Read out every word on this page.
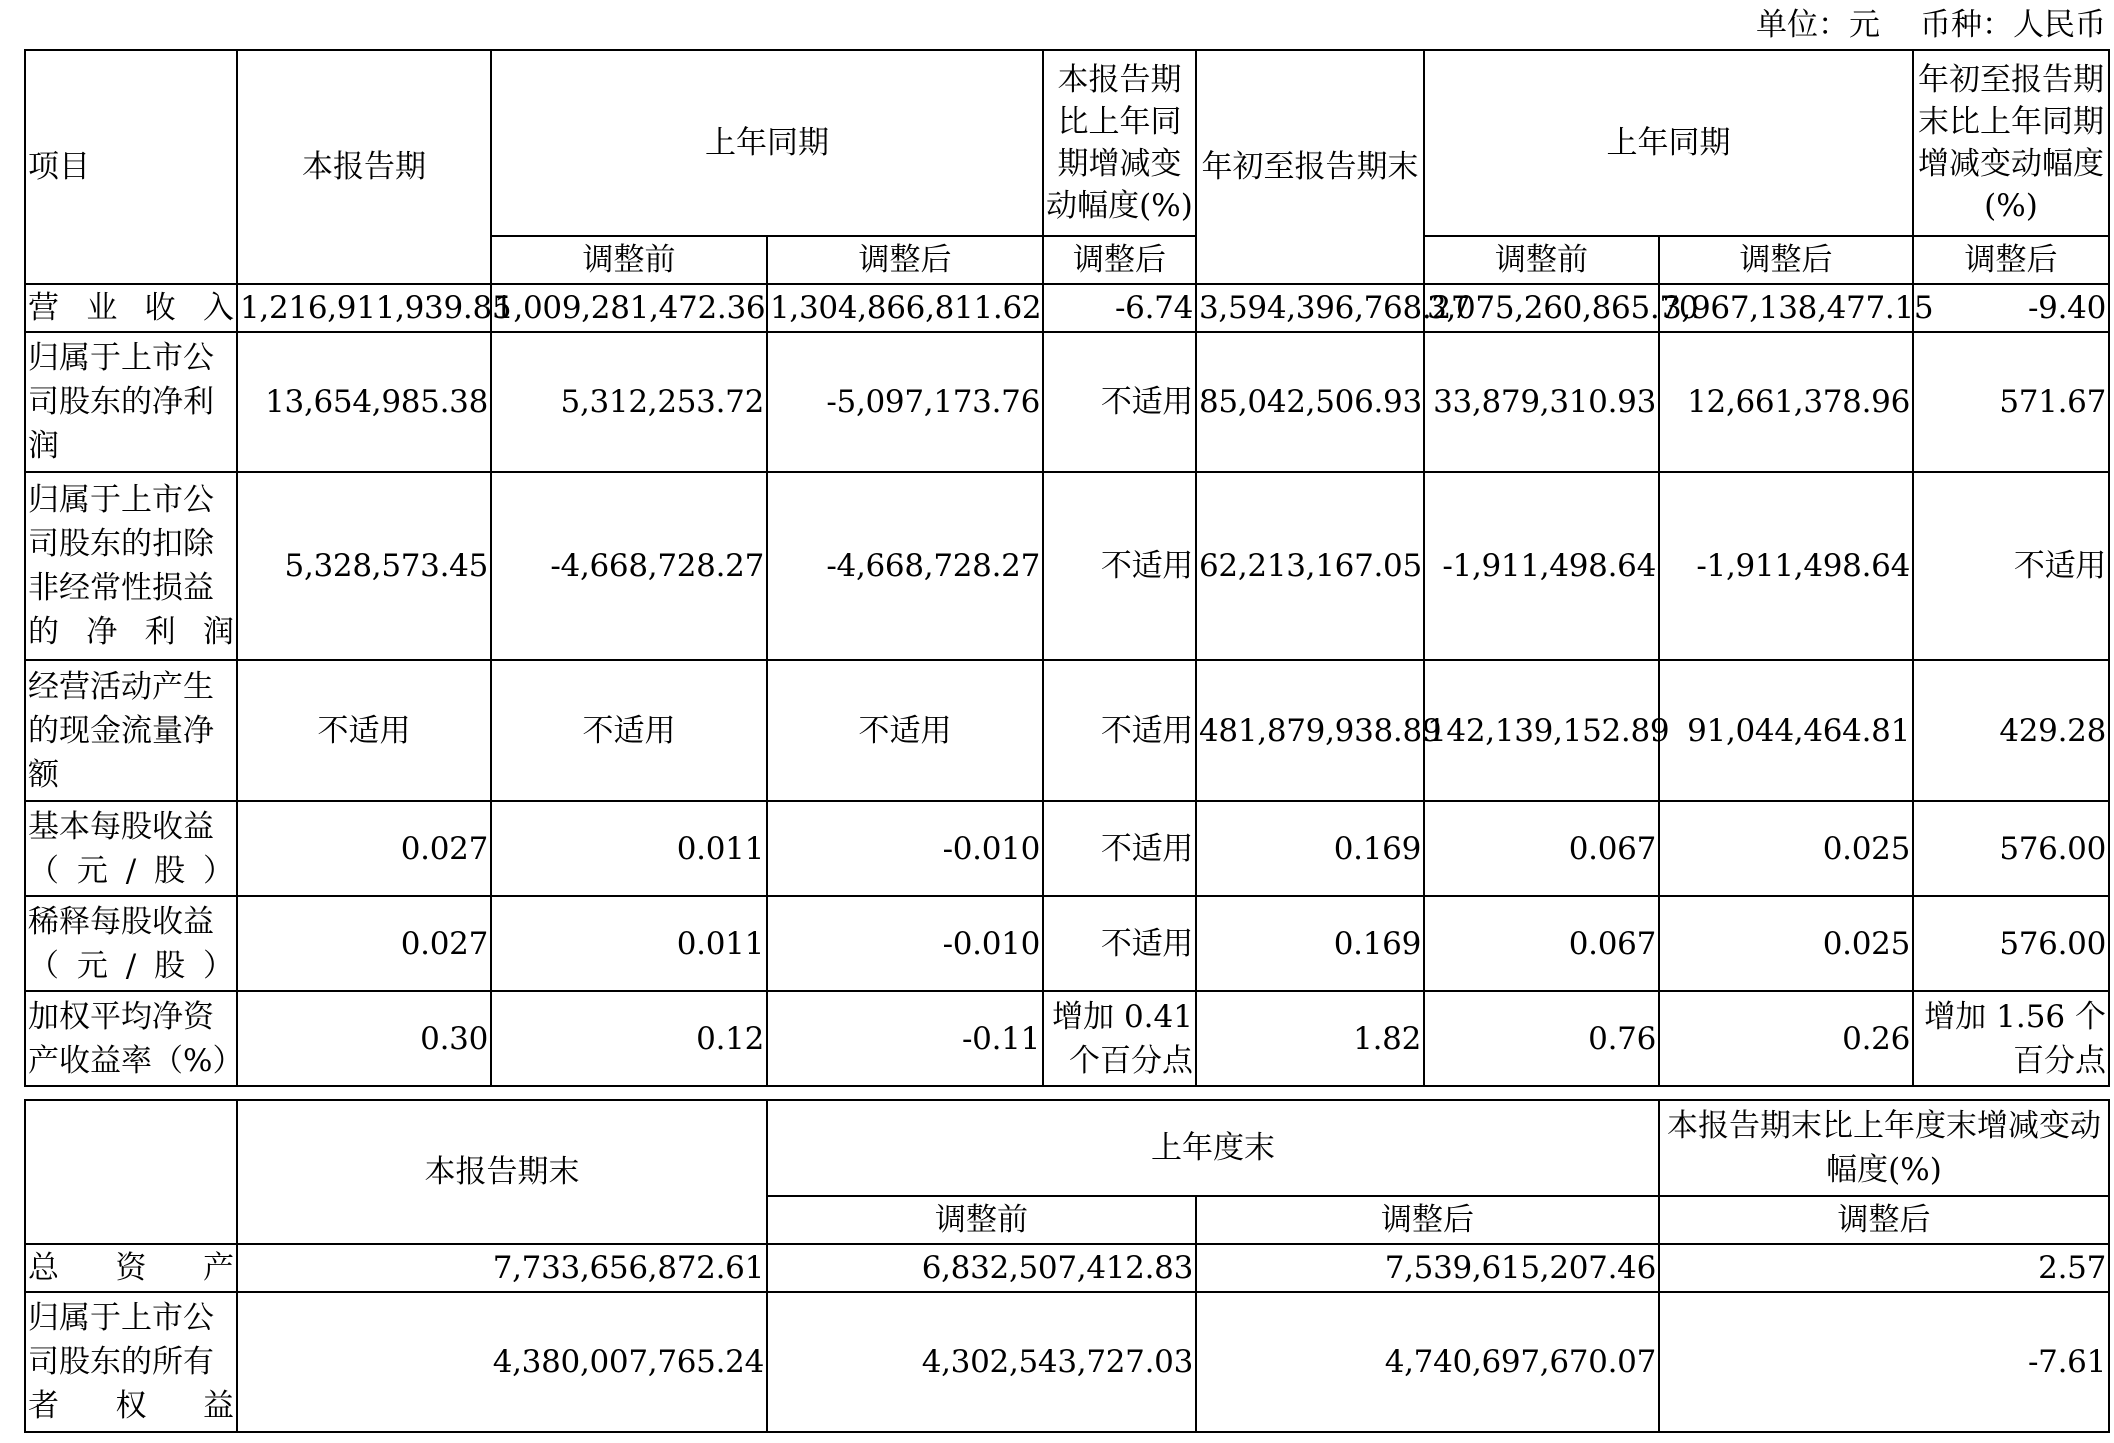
单位：元 币种：人民币
项目	本报告期	上年同期		本报告期比上年同期增减变动幅度(%)	年初至报告期末	上年同期		年初至报告期末比上年同期增减变动幅度(%)
		调整前	调整后	调整后		调整前	调整后	调整后
营业收入	1,216,911,939.85	1,009,281,472.36	1,304,866,811.62	-6.74	3,594,396,768.27	3,075,260,865.70	3,967,138,477.15	-9.40
归属于上市公司股东的净利润	13,654,985.38	5,312,253.72	-5,097,173.76	不适用	85,042,506.93	33,879,310.93	12,661,378.96	571.67
归属于上市公司股东的扣除非经常性损益的净利润	5,328,573.45	-4,668,728.27	-4,668,728.27	不适用	62,213,167.05	-1,911,498.64	-1,911,498.64	不适用
经营活动产生的现金流量净额	不适用	不适用	不适用	不适用	481,879,938.89	142,139,152.89	91,044,464.81	429.28
基本每股收益（元/股）	0.027	0.011	-0.010	不适用	0.169	0.067	0.025	576.00
稀释每股收益（元/股）	0.027	0.011	-0.010	不适用	0.169	0.067	0.025	576.00
加权平均净资产收益率（%）	0.30	0.12	-0.11	增加 0.41 个百分点	1.82	0.76	0.26	增加 1.56 个百分点
	本报告期末	上年度末		本报告期末比上年度末增减变动幅度(%)
		调整前	调整后	调整后
总资产	7,733,656,872.61	6,832,507,412.83	7,539,615,207.46	2.57
归属于上市公司股东的所有者权益	4,380,007,765.24	4,302,543,727.03	4,740,697,670.07	-7.61
